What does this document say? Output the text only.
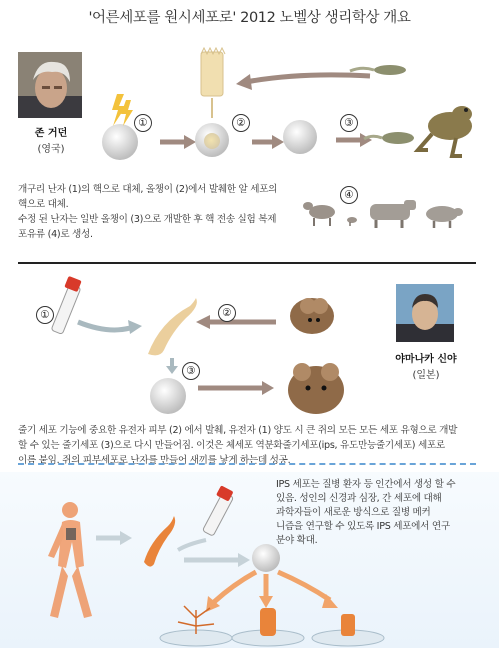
'어른세포를 원시세포로' 2012 노벨상 생리학상 개요
존 거던
(영국)
①	②	③
④
개구리 난자 (1)의 핵으로 대체, 올챙이 (2)에서 발췌한 알 세포의
핵으로 대체.
수정 된 난자는 일반 올챙이 (3)으로 개발한 후 핵 전송 실험 복제
포유류 (4)로 생성.
①	②
③
야마나카 신야
(일본)
줄기 세포 기능에 중요한 유전자 피부 (2) 에서 발췌, 유전자 (1) 양도 시 큰 쥐의 모든 모든 세포 유형으로 개발
할 수 있는 줄기세포 (3)으로 다시 만들어짐. 이것은 체세포 역분화줄기세포(ips, 유도만능줄기세포) 세포로
이름 붙임. 쥐의 피부세포로 난자를 만들어 새끼를 낳게 하는데 성공.
IPS 세포는 질병 환자 등 인간에서 생성 할 수
있음. 성인의 신경과 심장, 간 세포에 대해
과학자들이 새로운 방식으로 질병 메커
니즘을 연구할 수 있도록 IPS 세포에서 연구
분야 확대.
